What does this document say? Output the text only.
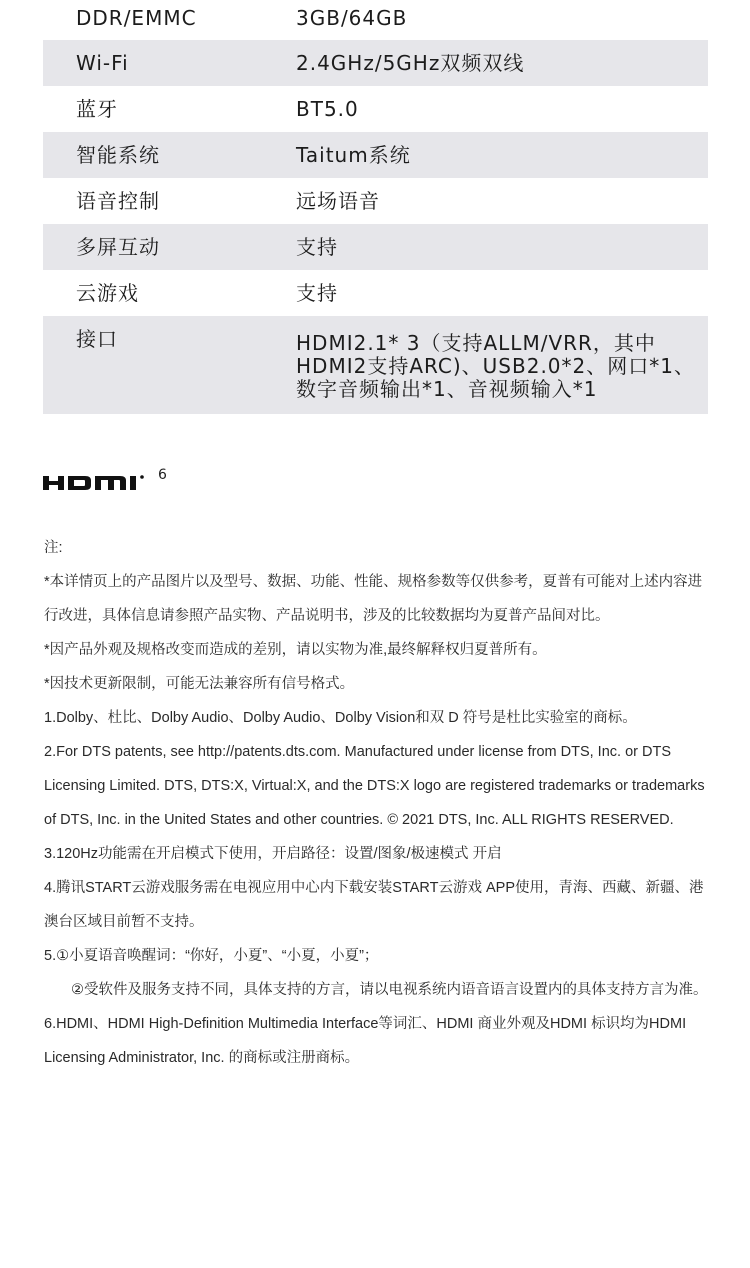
DDR/EMMC	3GB/64GB
Wi-Fi	2.4GHz/5GHz双频双线
蓝牙	BT5.0
智能系统	Taitum系统
语音控制	远场语音
多屏互动	支持
云游戏	支持
接口	HDMI2.1* 3（支持ALLM/VRR，其中HDMI2支持ARC)、USB2.0*2、网口*1、数字音频输出*1、音视频输入*1
6

注:

*本详情页上的产品图片以及型号、数据、功能、性能、规格参数等仅供参考，夏普有可能对上述内容进行改进，具体信息请参照产品实物、产品说明书，涉及的比较数据均为夏普产品间对比。

*因产品外观及规格改变而造成的差别，请以实物为准,最终解释权归夏普所有。

*因技术更新限制，可能无法兼容所有信号格式。

1.Dolby、杜比、Dolby Audio、Dolby Audio、Dolby Vision和双 D 符号是杜比实验室的商标。

2.For DTS patents, see http://patents.dts.com. Manufactured under license from DTS, Inc. or DTS Licensing Limited. DTS, DTS:X, Virtual:X, and the DTS:X logo are registered trademarks or trademarks of DTS, Inc. in the United States and other countries. © 2021 DTS, Inc. ALL RIGHTS RESERVED.

3.120Hz功能需在开启模式下使用，开启路径：设置/图象/极速模式 开启

4.腾讯START云游戏服务需在电视应用中心内下载安装START云游戏 APP使用，青海、西藏、新疆、港澳台区域目前暂不支持。

5.①小夏语音唤醒词：“你好，小夏”、“小夏，小夏”；

②受软件及服务支持不同，具体支持的方言，请以电视系统内语音语言设置内的具体支持方言为准。

6.HDMI、HDMI High-Definition Multimedia Interface等词汇、HDMI 商业外观及HDMI 标识均为HDMI Licensing Administrator, Inc. 的商标或注册商标。
